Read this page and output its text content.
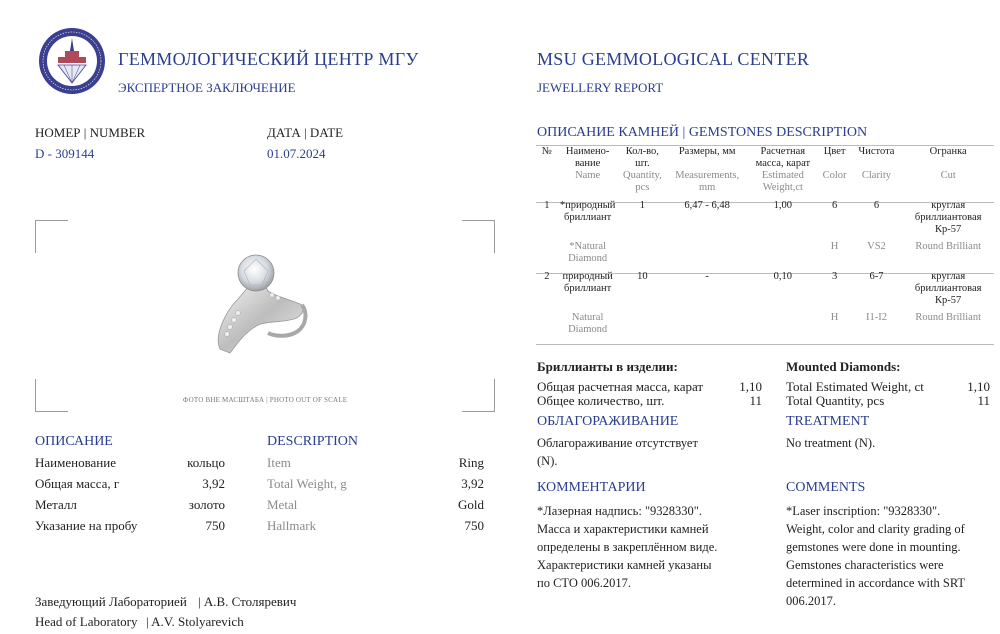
ГЕММОЛОГИЧЕСКИЙ ЦЕНТР МГУ
ЭКСПЕРТНОЕ ЗАКЛЮЧЕНИЕ
MSU GEMMOLOGICAL CENTER
JEWELLERY REPORT
НОМЕР | NUMBER
D - 309144
ДАТА | DATE
01.07.2024
ФОТО ВНЕ МАСШТАБА | PHOTO OUT OF SCALE
ОПИСАНИЕ
Наименование	кольцо
Общая масса, г	3,92
Металл	золото
Указание на пробу	750
DESCRIPTION
Item	Ring
Total Weight, g	3,92
Metal	Gold
Hallmark	750
Заведующий Лабораторией | А.В. Столяревич
Head of Laboratory | A.V. Stolyarevich
ОПИСАНИЕ КАМНЕЙ | GEMSTONES DESCRIPTION
№	Наимено-вание	Кол-во, шт.	Размеры, мм	Расчетная масса, карат	Цвет	Чистота	Огранка
	Name	Quantity, pcs	Measurements, mm	Estimated Weight,ct	Color	Clarity	Cut
1	*природный бриллиант	1	6,47 - 6,48	1,00	6	6	круглая бриллиантовая Кр-57
	*Natural Diamond				H	VS2	Round Brilliant
2	природный бриллиант	10	-	0,10	3	6-7	круглая бриллиантовая Кр-57
	Natural Diamond				H	I1-I2	Round Brilliant
Бриллианты в изделии:
Общая расчетная масса, карат	1,10
Общее количество, шт.	11
Mounted Diamonds:
Total Estimated Weight, ct	1,10
Total Quantity, pcs	11
ОБЛАГОРАЖИВАНИЕ
Облагораживание отсутствует
(N).
TREATMENT
No treatment (N).
КОММЕНТАРИИ
*Лазерная надпись: "9328330".
Масса и характеристики камней
определены в закреплённом виде.
Характеристики камней указаны
по СТО 006.2017.
COMMENTS
*Laser inscription: "9328330".
Weight, color and clarity grading of
gemstones were done in mounting.
Gemstones characteristics were
determined in accordance with SRT
006.2017.
